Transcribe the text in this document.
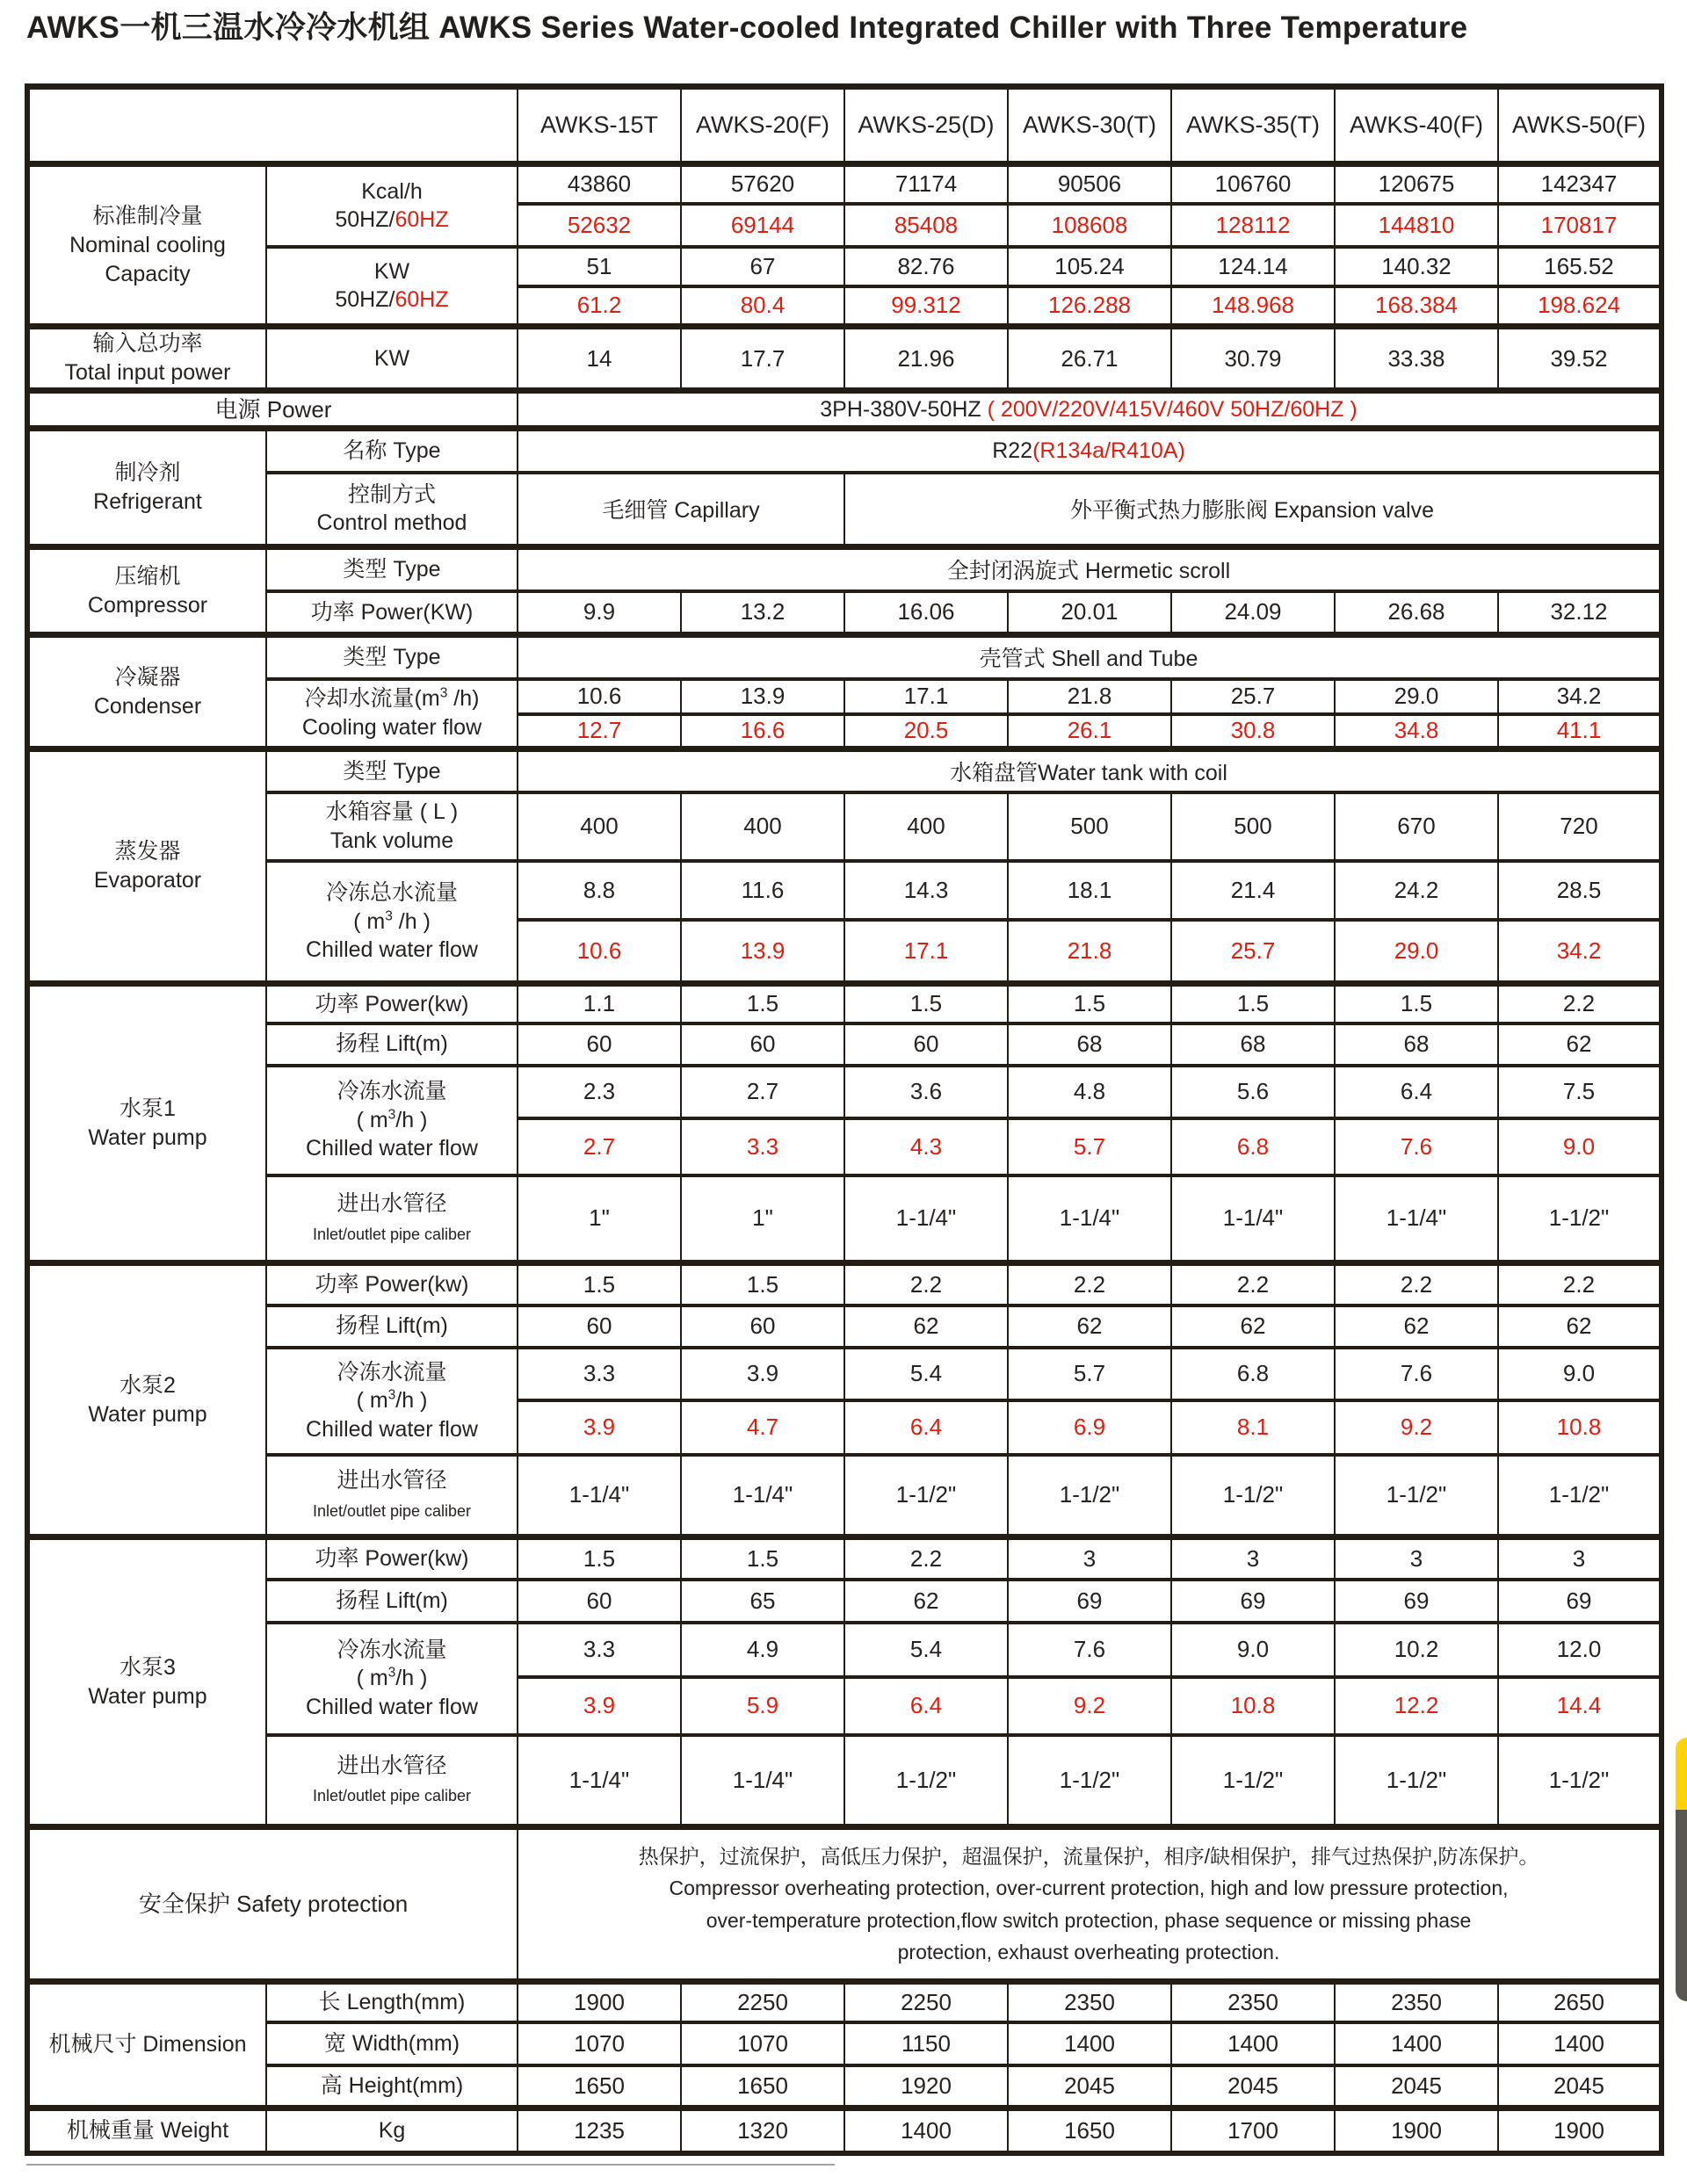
AWKS一机三温水冷冷水机组 AWKS Series Water-cooled Integrated Chiller with Three Temperature
型号 Model
项目 Item		AWKS-15T	AWKS-20(F)	AWKS-25(D)	AWKS-30(T)	AWKS-35(T)	AWKS-40(F)	AWKS-50(F)

标准制冷量
Nominal cooling
Capacity

Kcal/h
50HZ/60HZ
	43860	57620	71174	90506	106760	120675	142347
		52632	69144	85408	108608	128112	144810	170817

	KW
50HZ/60HZ	51	67	82.76	105.24	124.14	140.32	165.52
		61.2	80.4	99.312	126.288	148.968	168.384	198.624

输入总功率
Total input power	KW	14	17.7	21.96	26.71	30.79	33.38	39.52
电源 Power		3PH-380V-50HZ ( 200V/220V/415V/460V 50HZ/60HZ )						

制冷剂
Refrigerant	名称 Type	R22(R134a/R410A)						

	控制方式
Control method	毛细管 Capillary		外平衡式热力膨胀阀 Expansion valve				

压缩机
Compressor	类型 Type	全封闭涡旋式 Hermetic scroll						
	功率 Power(KW)	9.9	13.2	16.06	20.01	24.09	26.68	32.12

冷凝器
Condenser	类型 Type	壳管式 Shell and Tube						

	冷却水流量($m^3$ /h)
Cooling water flow	10.6	13.9	17.1	21.8	25.7	29.0	34.2
		12.7	16.6	20.5	26.1	30.8	34.8	41.1

蒸发器
Evaporator	类型 Type	水箱盘管Water tank with coil						

	水箱容量 ( L )
Tank volume	400	400	400	500	500	670	720

	冷冻总水流量
( $m^3$ /h )
Chilled water flow	8.8	11.6	14.3	18.1	21.4	24.2	28.5
		10.6	13.9	17.1	21.8	25.7	29.0	34.2

水泵1
Water pump	功率 Power(kw)	1.1	1.5	1.5	1.5	1.5	1.5	2.2
	扬程 Lift(m)	60	60	60	68	68	68	62

	冷冻水流量
( $m^3/h$ )
Chilled water flow	2.3	2.7	3.6	4.8	5.6	6.4	7.5
		2.7	3.3	4.3	5.7	6.8	7.6	9.0

	进出水管径
Inlet/outlet pipe caliber	1"	1"	1-1/4"	1-1/4"	1-1/4"	1-1/4"	1-1/2"

水泵2
Water pump	功率 Power(kw)	1.5	1.5	2.2	2.2	2.2	2.2	2.2
	扬程 Lift(m)	60	60	62	62	62	62	62

	冷冻水流量
( $m^3/h$ )
Chilled water flow	3.3	3.9	5.4	5.7	6.8	7.6	9.0
		3.9	4.7	6.4	6.9	8.1	9.2	10.8

	进出水管径
Inlet/outlet pipe caliber	1-1/4"	1-1/4"	1-1/2"	1-1/2"	1-1/2"	1-1/2"	1-1/2"

水泵3
Water pump	功率 Power(kw)	1.5	1.5	2.2	3	3	3	3
	扬程 Lift(m)	60	65	62	69	69	69	69

	冷冻水流量
( $m^3/h$ )
Chilled water flow	3.3	4.9	5.4	7.6	9.0	10.2	12.0
		3.9	5.9	6.4	9.2	10.8	12.2	14.4

	进出水管径
Inlet/outlet pipe caliber	1-1/4"	1-1/4"	1-1/2"	1-1/2"	1-1/2"	1-1/2"	1-1/2"
安全保护 Safety protection		热保护，过流保护，高低压力保护，超温保护，流量保护，相序/缺相保护，排气过热保护,防冻保护。
Compressor overheating protection, over-current protection, high and low pressure protection,
over-temperature protection,flow switch protection, phase sequence or missing phase
protection, exhaust overheating protection.						

机械尺寸 Dimension	长 Length(mm)	1900	2250	2250	2350	2350	2350	2650
	宽 Width(mm)	1070	1070	1150	1400	1400	1400	1400
	高 Height(mm)	1650	1650	1920	2045	2045	2045	2045
机械重量 Weight	Kg	1235	1320	1400	1650	1700	1900	1900
